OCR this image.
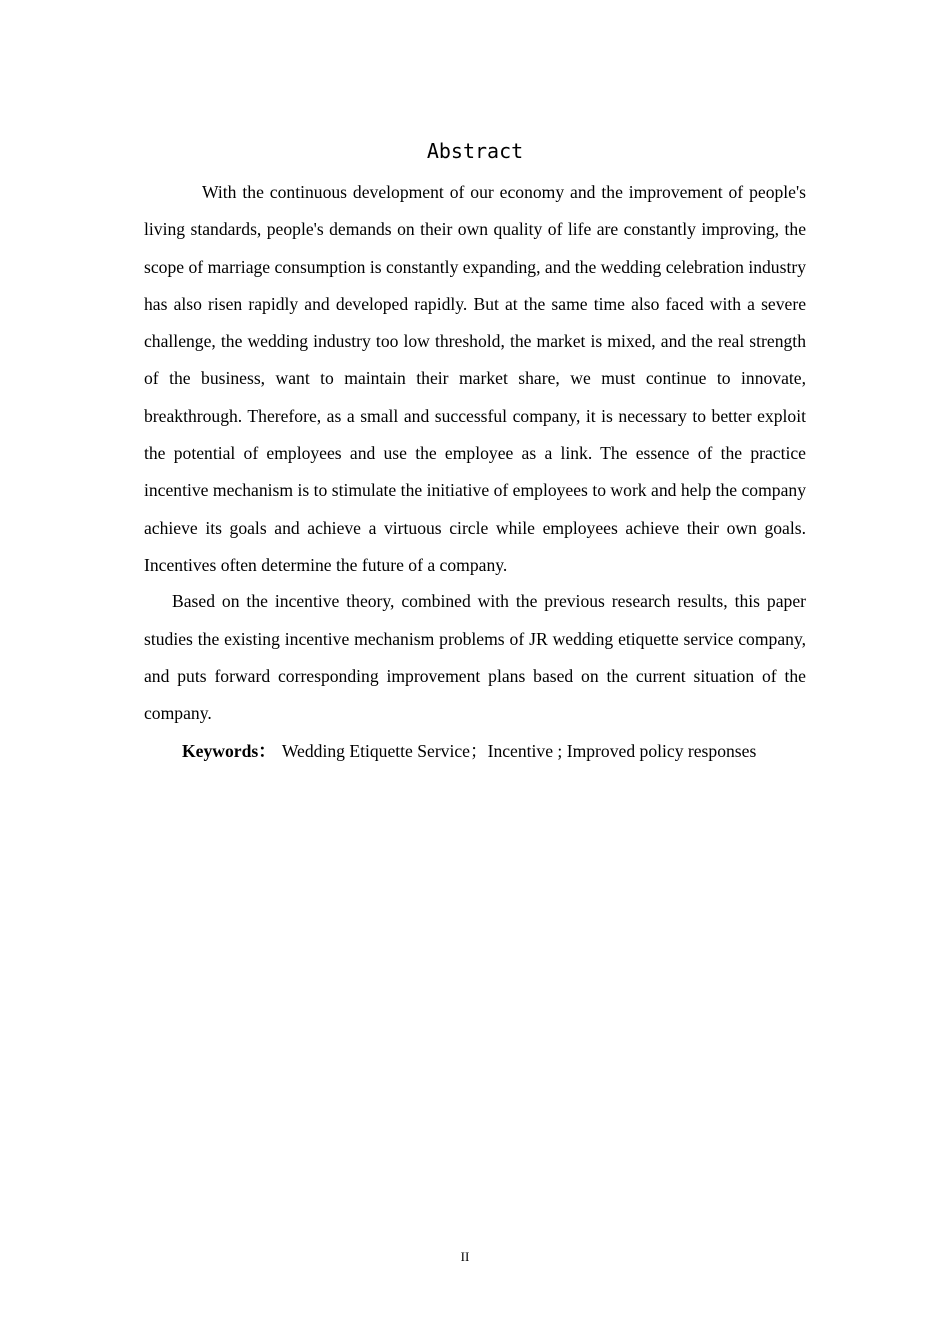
Abstract

With the continuous development of our economy and the improvement of people's living standards, people's demands on their own quality of life are constantly improving, the scope of marriage consumption is constantly expanding, and the wedding celebration industry has also risen rapidly and developed rapidly. But at the same time also faced with a severe challenge, the wedding industry too low threshold, the market is mixed, and the real strength of the business, want to maintain their market share, we must continue to innovate, breakthrough. Therefore, as a small and successful company, it is necessary to better exploit the potential of employees and use the employee as a link. The essence of the practice incentive mechanism is to stimulate the initiative of employees to work and help the company achieve its goals and achieve a virtuous circle while employees achieve their own goals. Incentives often determine the future of a company.

Based on the incentive theory, combined with the previous research results, this paper studies the existing incentive mechanism problems of JR wedding etiquette service company, and puts forward corresponding improvement plans based on the current situation of the company.

Keywords： Wedding Etiquette Service；Incentive ; Improved policy responses

II
